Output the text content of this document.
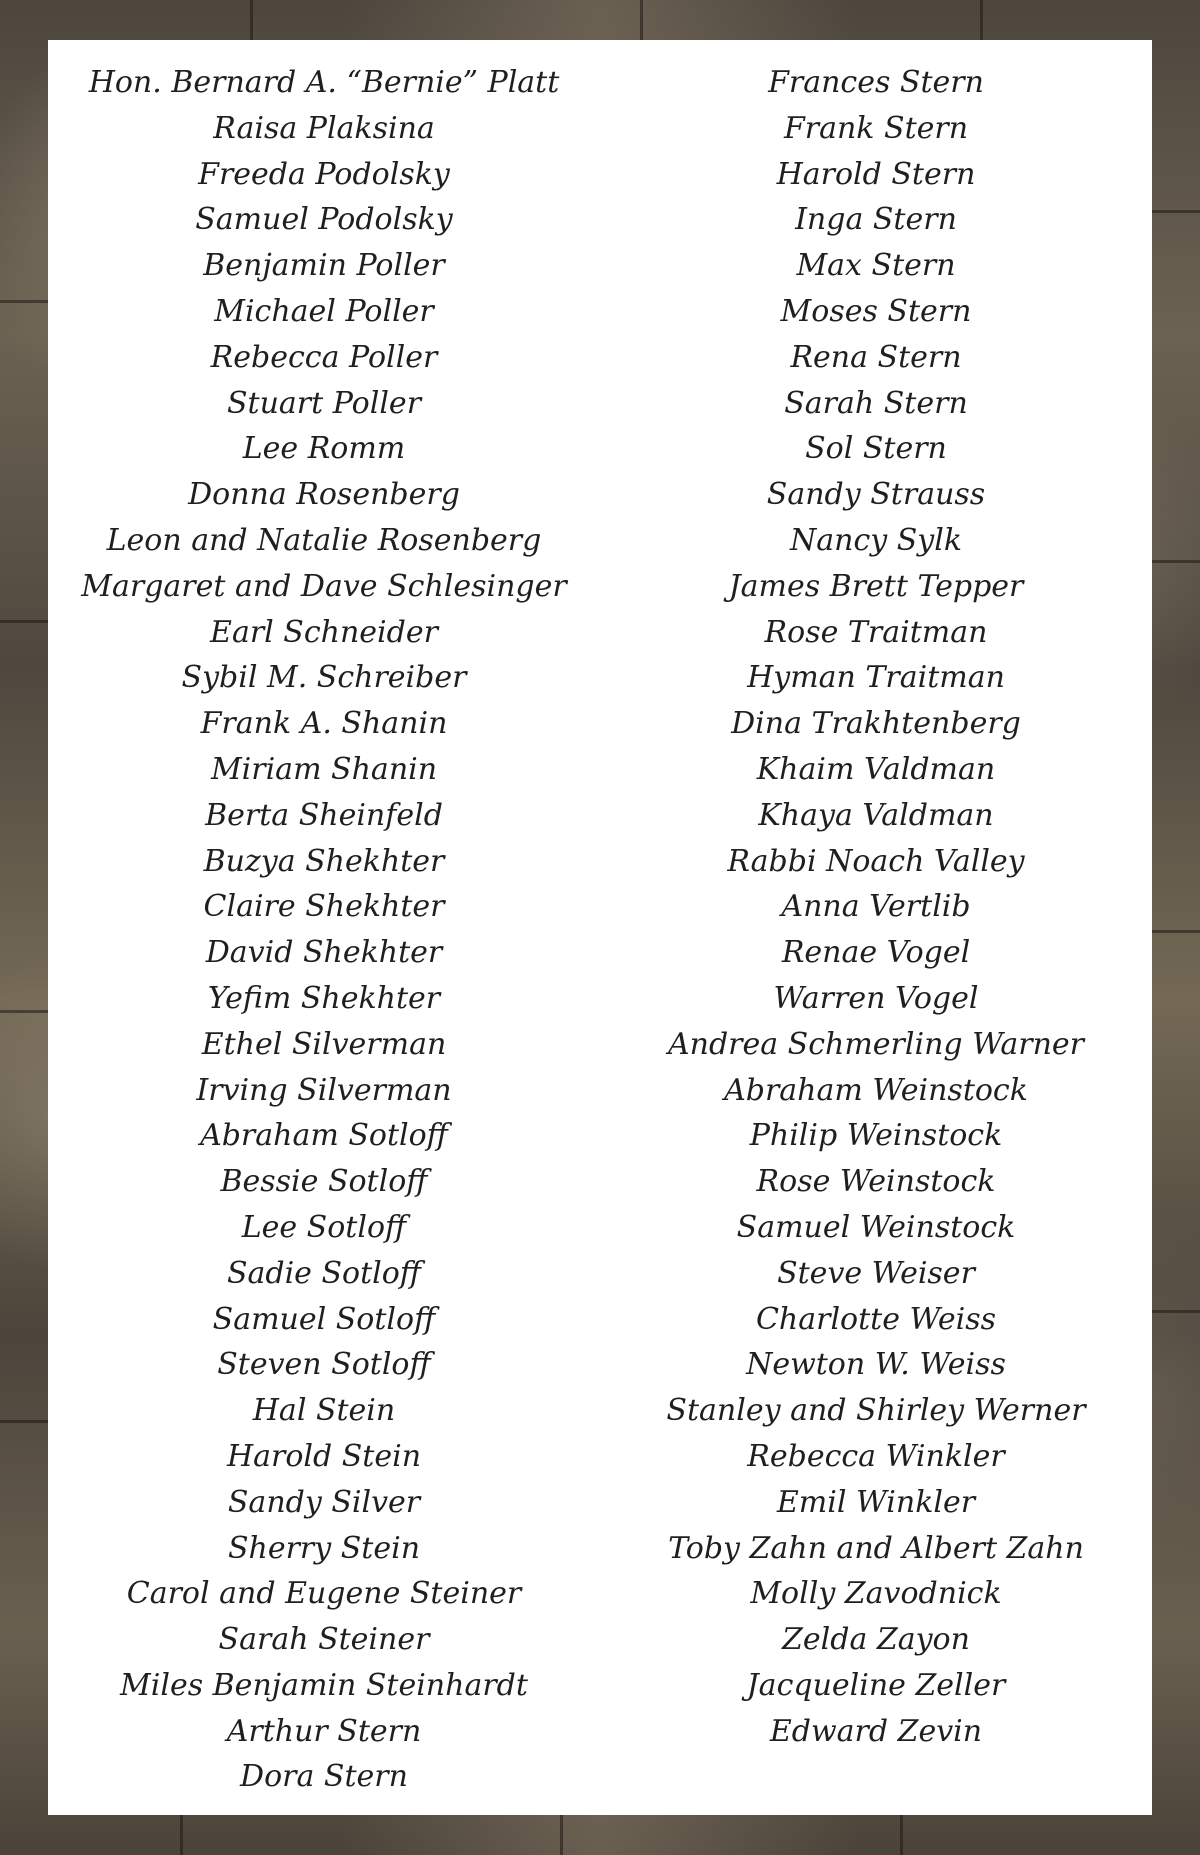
Hon. Bernard A. “Bernie” Platt
Raisa Plaksina
Freeda Podolsky
Samuel Podolsky
Benjamin Poller
Michael Poller
Rebecca Poller
Stuart Poller
Lee Romm
Donna Rosenberg
Leon and Natalie Rosenberg
Margaret and Dave Schlesinger
Earl Schneider
Sybil M. Schreiber
Frank A. Shanin
Miriam Shanin
Berta Sheinfeld
Buzya Shekhter
Claire Shekhter
David Shekhter
Yefim Shekhter
Ethel Silverman
Irving Silverman
Abraham Sotloff
Bessie Sotloff
Lee Sotloff
Sadie Sotloff
Samuel Sotloff
Steven Sotloff
Hal Stein
Harold Stein
Sandy Silver
Sherry Stein
Carol and Eugene Steiner
Sarah Steiner
Miles Benjamin Steinhardt
Arthur Stern
Dora Stern
Frances Stern
Frank Stern
Harold Stern
Inga Stern
Max Stern
Moses Stern
Rena Stern
Sarah Stern
Sol Stern
Sandy Strauss
Nancy Sylk
James Brett Tepper
Rose Traitman
Hyman Traitman
Dina Trakhtenberg
Khaim Valdman
Khaya Valdman
Rabbi Noach Valley
Anna Vertlib
Renae Vogel
Warren Vogel
Andrea Schmerling Warner
Abraham Weinstock
Philip Weinstock
Rose Weinstock
Samuel Weinstock
Steve Weiser
Charlotte Weiss
Newton W. Weiss
Stanley and Shirley Werner
Rebecca Winkler
Emil Winkler
Toby Zahn and Albert Zahn
Molly Zavodnick
Zelda Zayon
Jacqueline Zeller
Edward Zevin
